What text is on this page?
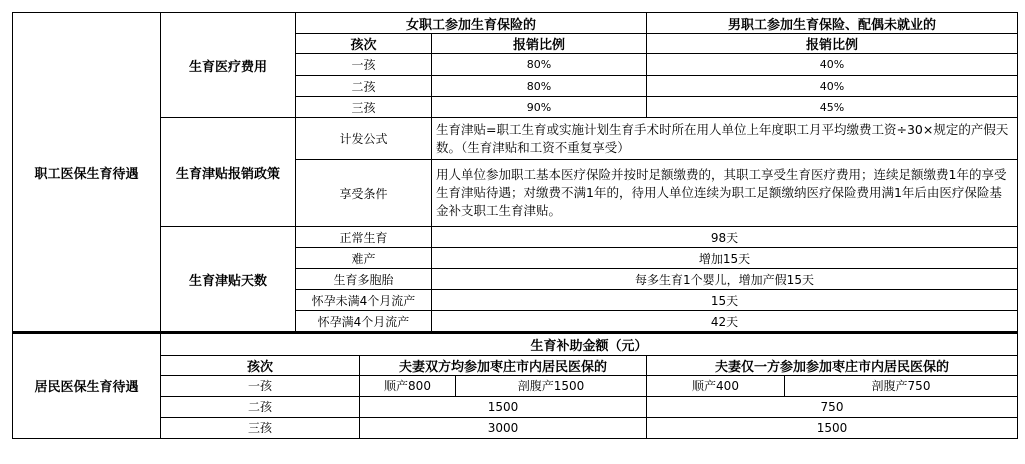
职工医保生育待遇	生育医疗费用	女职工参加生育保险的		男职工参加生育保险、配偶未就业的
		孩次	报销比例	报销比例
		一孩	80%	40%
		二孩	80%	40%
		三孩	90%	45%
	生育津贴报销政策	计发公式	生育津贴=职工生育或实施计划生育手术时所在用人单位上年度职工月平均缴费工资÷30×规定的产假天数。（生育津贴和工资不重复享受）	
		享受条件	用人单位参加职工基本医疗保险并按时足额缴费的，其职工享受生育医疗费用；连续足额缴费1年的享受生育津贴待遇；对缴费不满1年的，待用人单位连续为职工足额缴纳医疗保险费用满1年后由医疗保险基金补支职工生育津贴。	
	生育津贴天数	正常生育	98天	
		难产	增加15天	
		生育多胞胎	每多生育1个婴儿，增加产假15天	
		怀孕未满4个月流产	15天	
		怀孕满4个月流产	42天	
居民医保生育待遇	生育补助金额（元）				
	孩次	夫妻双方均参加枣庄市内居民医保的		夫妻仅一方参加参加枣庄市内居民医保的	
	一孩	顺产800	剖腹产1500	顺产400	剖腹产750
	二孩	1500		750	
	三孩	3000		1500	
